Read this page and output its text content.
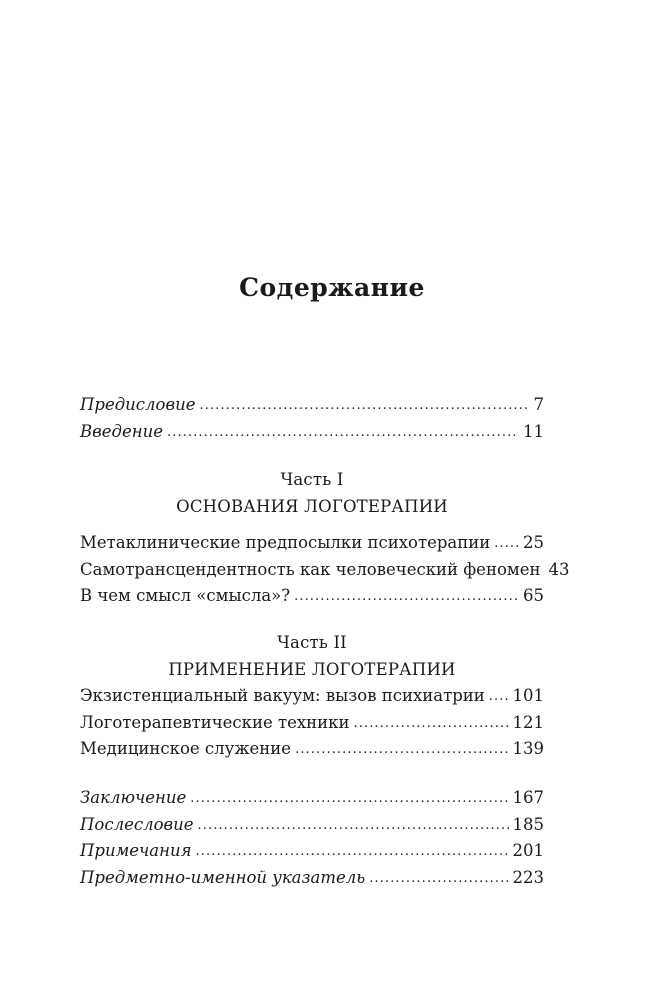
Содержание
Предисловие .....	7
Введение .....	11
Часть I
ОСНОВАНИЯ ЛОГОТЕРАПИИ
Метаклинические предпосылки психотерапии ..... 25
Самотрансцендентность как человеческий феномен 43
В чем смысл «смысла»? .....	65
Часть II
ПРИМЕНЕНИЕ ЛОГОТЕРАПИИ
Экзистенциальный вакуум: вызов психиатрии ..... 101
Логотерапевтические техники .....	121
Медицинское служение .....	139
Заключение .....	167
Послесловие .....	185
Примечания .....	201
Предметно-именной указатель .....	223
